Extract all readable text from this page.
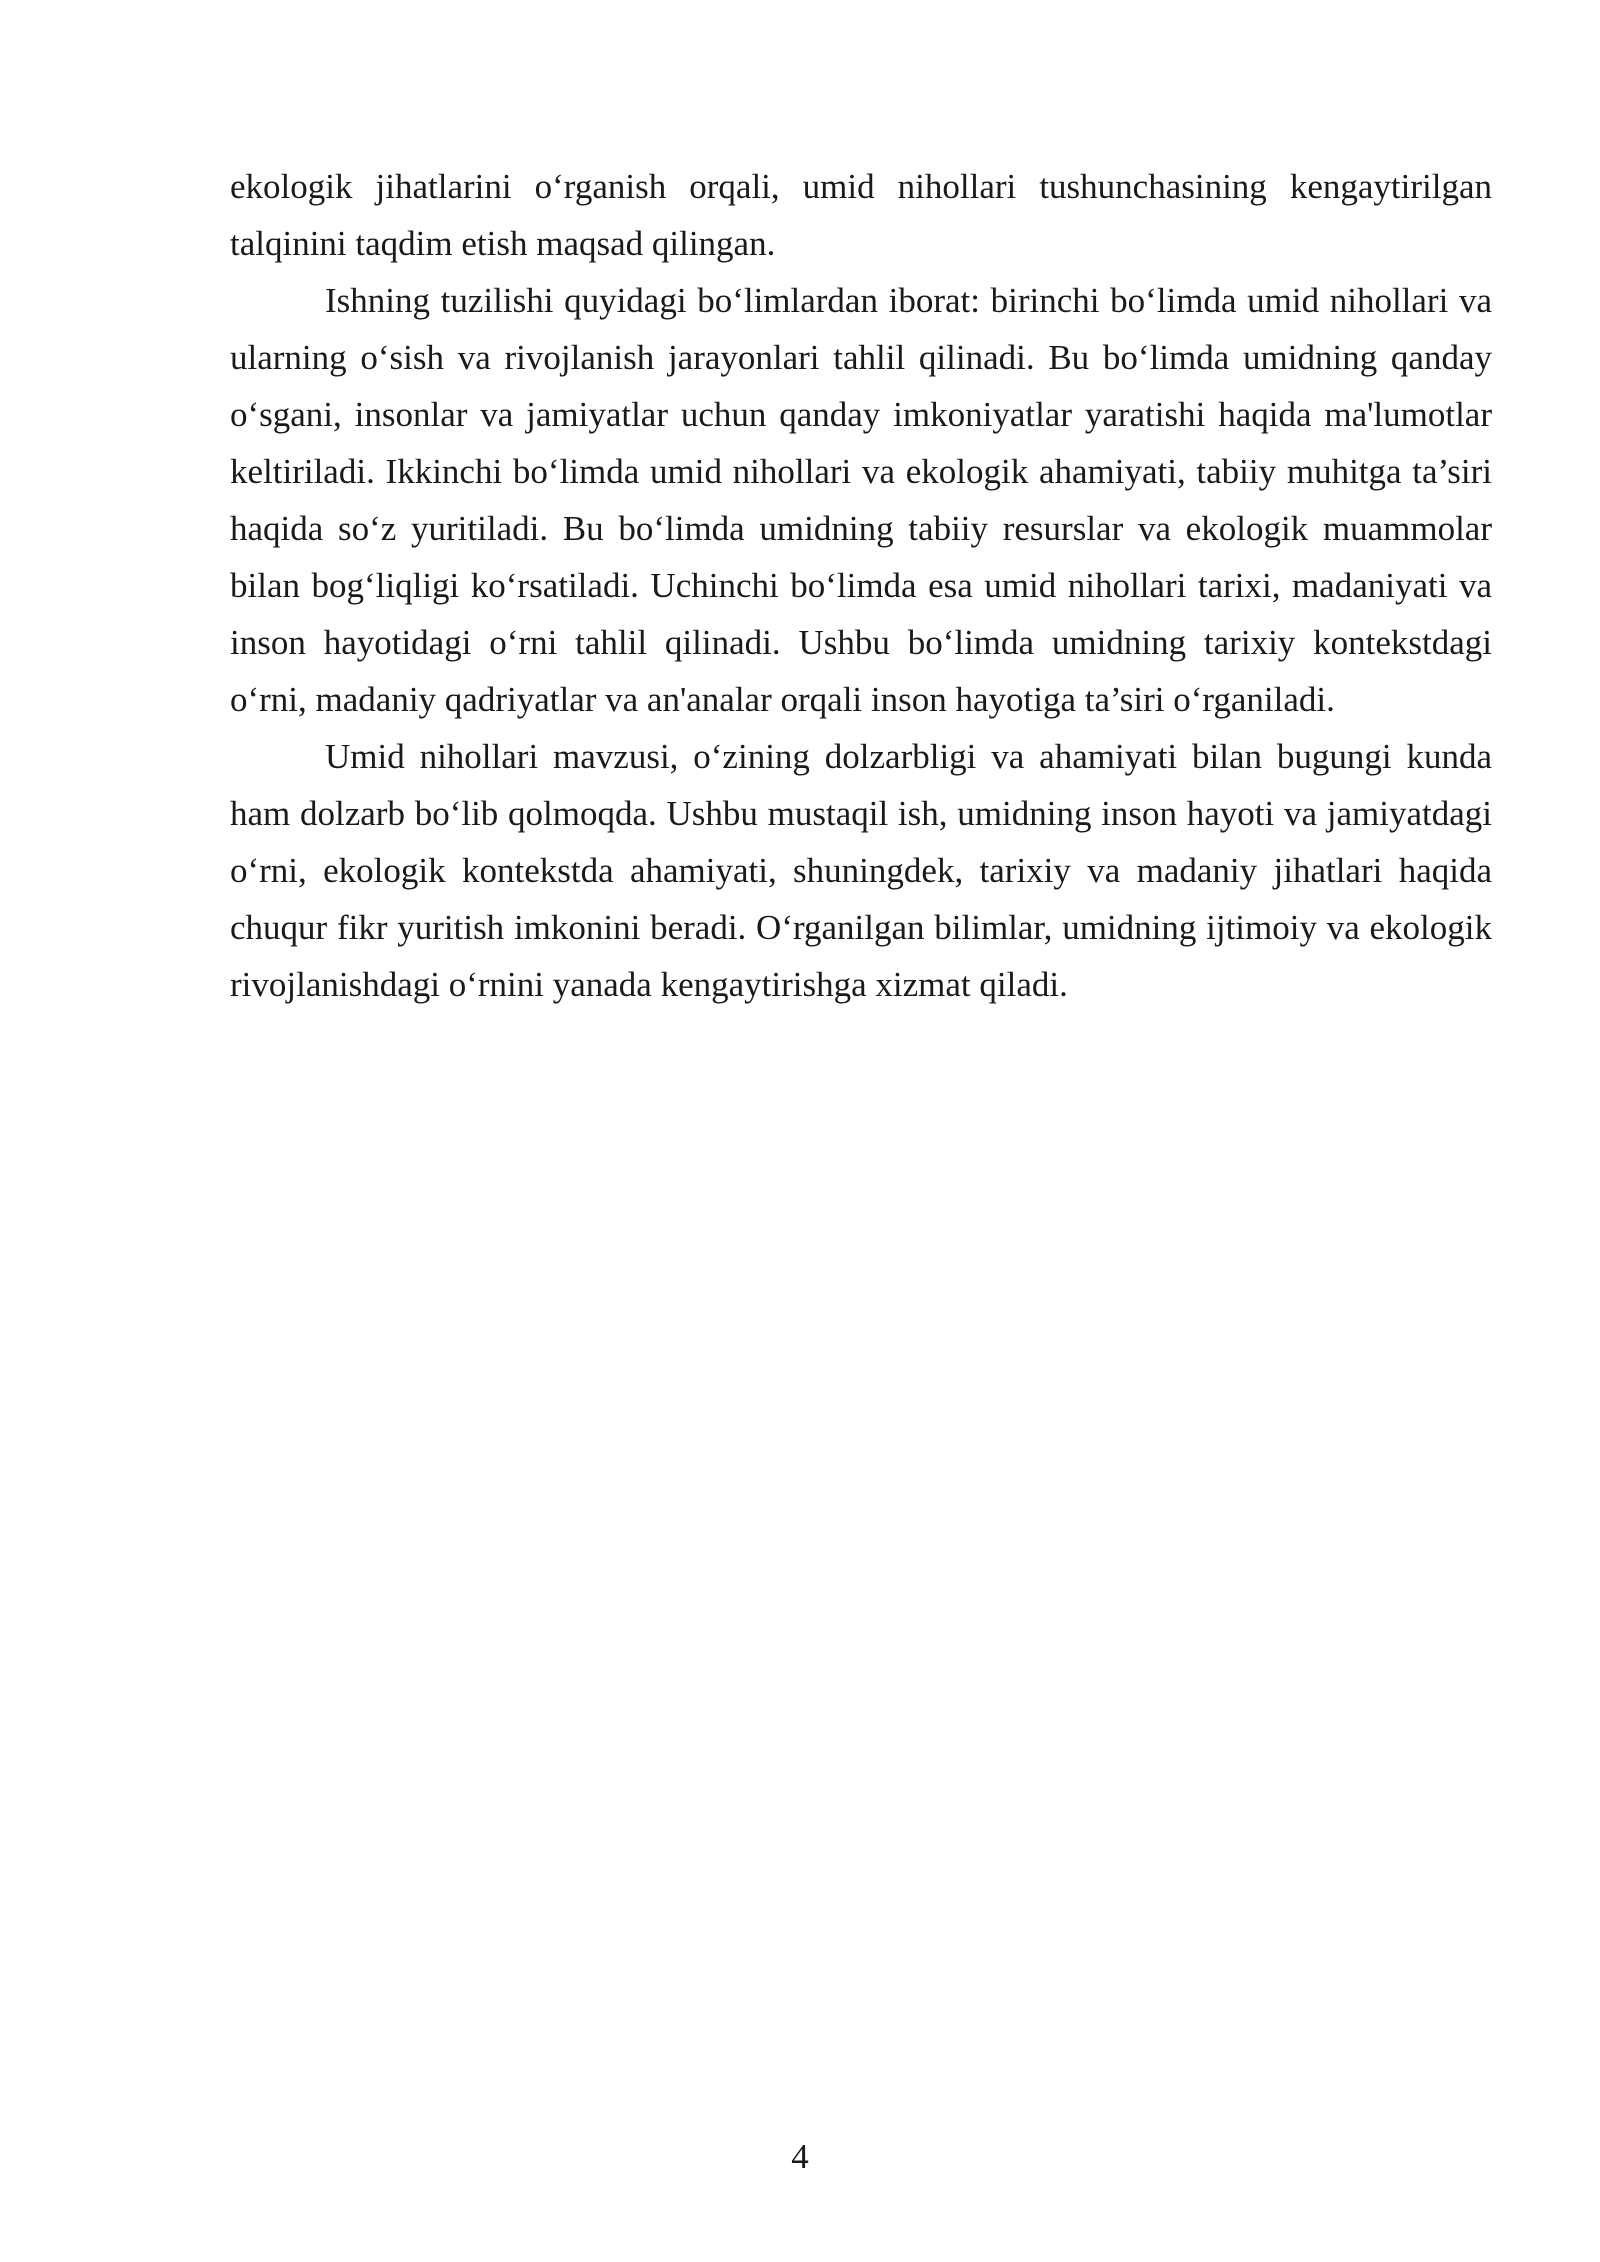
ekologik jihatlarini o‘rganish orqali, umid nihollari tushunchasining kengaytirilgan talqinini taqdim etish maqsad qilingan.

Ishning tuzilishi quyidagi bo‘limlardan iborat: birinchi bo‘limda umid nihollari va ularning o‘sish va rivojlanish jarayonlari tahlil qilinadi. Bu bo‘limda umidning qanday o‘sgani, insonlar va jamiyatlar uchun qanday imkoniyatlar yaratishi haqida ma'lumotlar keltiriladi. Ikkinchi bo‘limda umid nihollari va ekologik ahamiyati, tabiiy muhitga ta’siri haqida so‘z yuritiladi. Bu bo‘limda umidning tabiiy resurslar va ekologik muammolar bilan bog‘liqligi ko‘rsatiladi. Uchinchi bo‘limda esa umid nihollari tarixi, madaniyati va inson hayotidagi o‘rni tahlil qilinadi. Ushbu bo‘limda umidning tarixiy kontekstdagi o‘rni, madaniy qadriyatlar va an'analar orqali inson hayotiga ta’siri o‘rganiladi.

Umid nihollari mavzusi, o‘zining dolzarbligi va ahamiyati bilan bugungi kunda ham dolzarb bo‘lib qolmoqda. Ushbu mustaqil ish, umidning inson hayoti va jamiyatdagi o‘rni, ekologik kontekstda ahamiyati, shuningdek, tarixiy va madaniy jihatlari haqida chuqur fikr yuritish imkonini beradi. O‘rganilgan bilimlar, umidning ijtimoiy va ekologik rivojlanishdagi o‘rnini yanada kengaytirishga xizmat qiladi.

4
